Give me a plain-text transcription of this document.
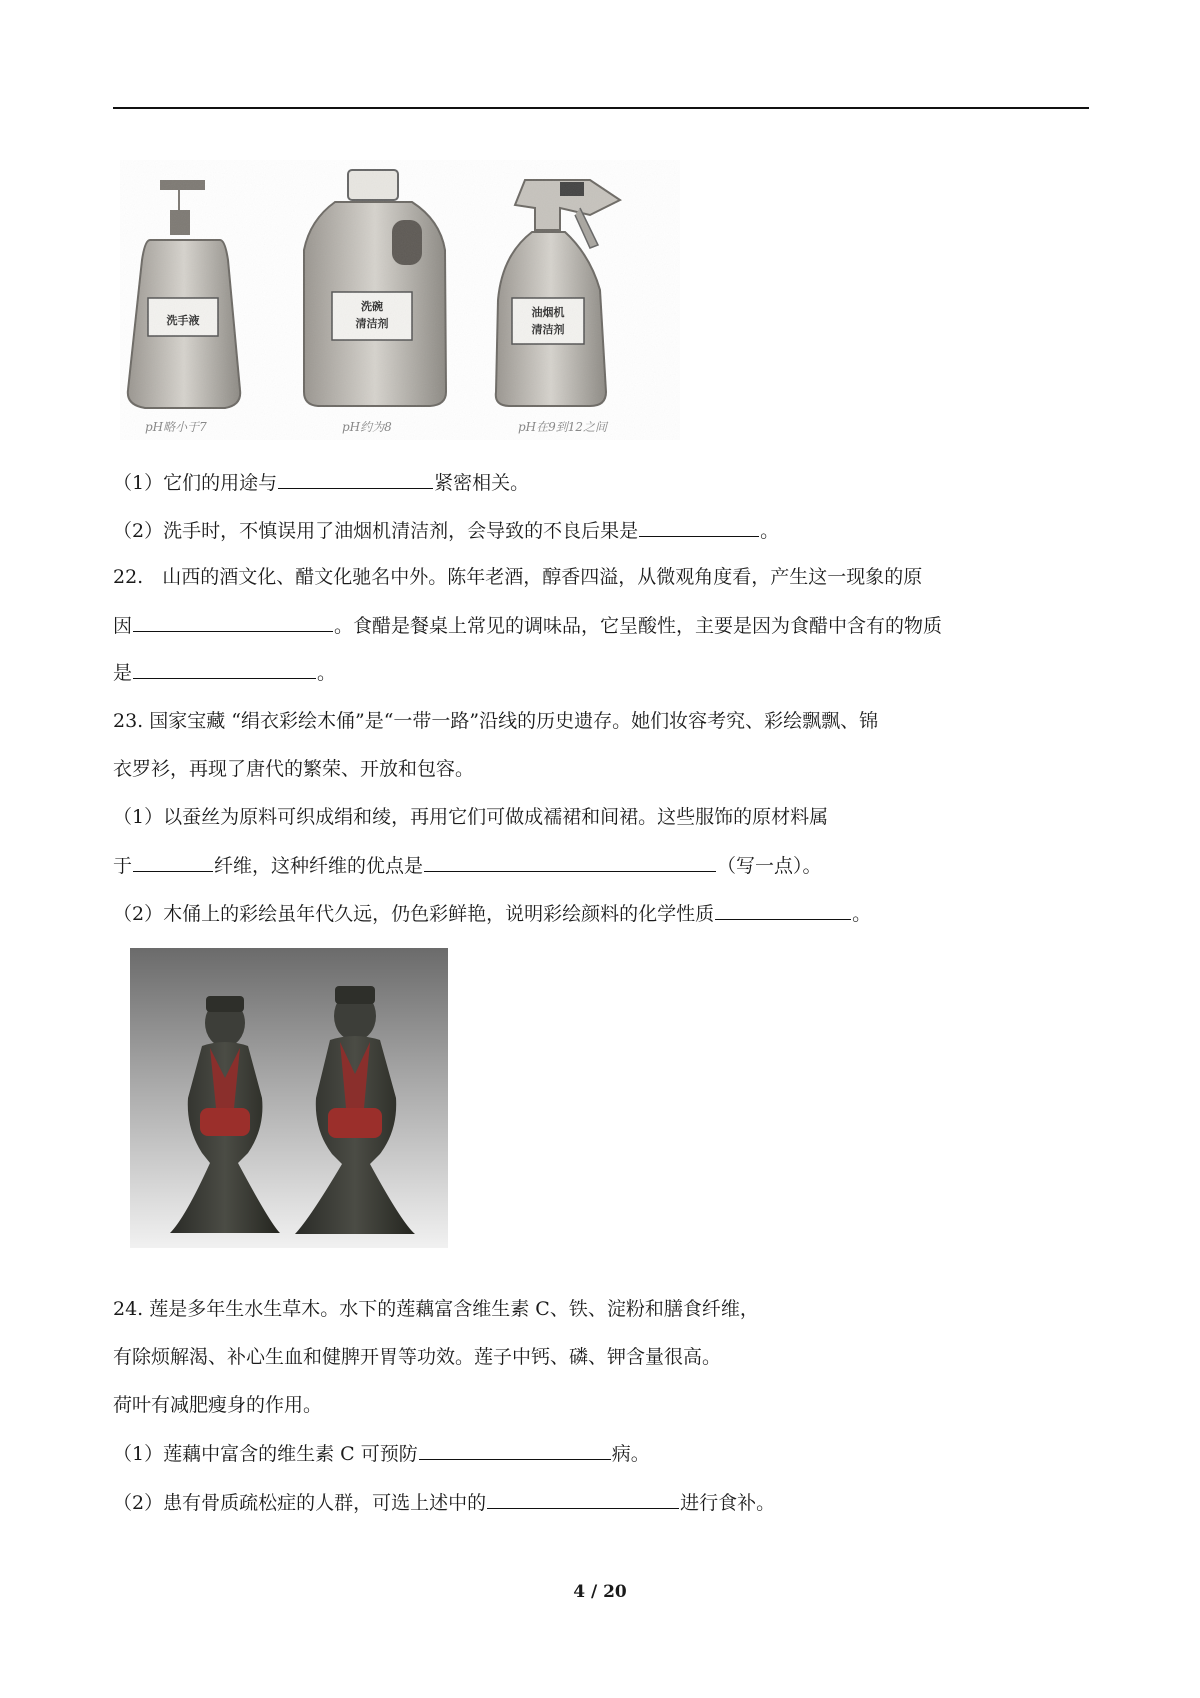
洗手液
洗碗
清洁剂
油烟机
清洁剂
pH略小于7	pH约为8	pH在9到12之间
（1）它们的用途与	紧密相关。
（2）洗手时，不慎误用了油烟机清洁剂，会导致的不良后果是	。
22.　山西的酒文化、醋文化驰名中外。陈年老酒，醇香四溢，从微观角度看，产生这一现象的原
因	。食醋是餐桌上常见的调味品，它呈酸性，主要是因为食醋中含有的物质
是	。
23. 国家宝藏 “绢衣彩绘木俑”是“一带一路”沿线的历史遗存。她们妆容考究、彩绘飘飘、锦
衣罗衫，再现了唐代的繁荣、开放和包容。
（1）以蚕丝为原料可织成绢和绫，再用它们可做成襦裙和间裙。这些服饰的原材料属
于	纤维，这种纤维的优点是	（写一点）。
（2）木俑上的彩绘虽年代久远，仍色彩鲜艳，说明彩绘颜料的化学性质	。
24. 莲是多年生水生草木。水下的莲藕富含维生素 C、铁、淀粉和膳食纤维，
有除烦解渴、补心生血和健脾开胃等功效。莲子中钙、磷、钾含量很高。
荷叶有减肥瘦身的作用。
（1）莲藕中富含的维生素 C 可预防	病。
（2）患有骨质疏松症的人群，可选上述中的	进行食补。
4 / 20
